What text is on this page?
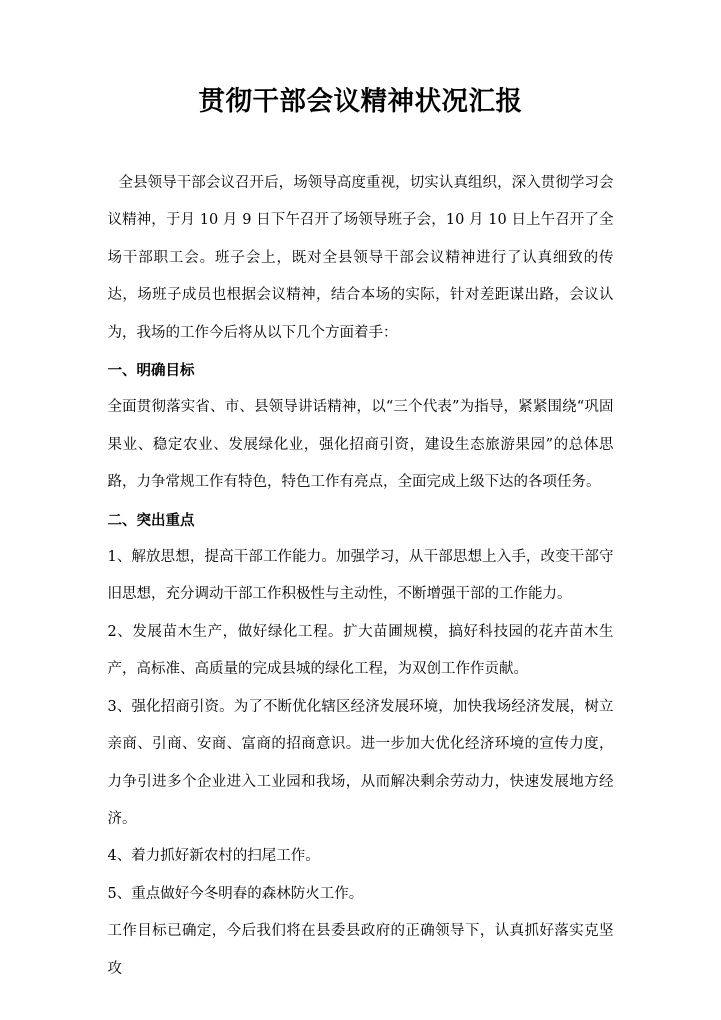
贯彻干部会议精神状况汇报

全县领导干部会议召开后，场领导高度重视，切实认真组织，深入贯彻学习会议精神，于月 10 月 9 日下午召开了场领导班子会，10 月 10 日上午召开了全场干部职工会。班子会上，既对全县领导干部会议精神进行了认真细致的传达，场班子成员也根据会议精神，结合本场的实际，针对差距谋出路，会议认为，我场的工作今后将从以下几个方面着手：

一、明确目标

全面贯彻落实省、市、县领导讲话精神，以“三个代表”为指导，紧紧围绕“巩固果业、稳定农业、发展绿化业，强化招商引资，建设生态旅游果园”的总体思路，力争常规工作有特色，特色工作有亮点，全面完成上级下达的各项任务。

二、突出重点

1、解放思想，提高干部工作能力。加强学习，从干部思想上入手，改变干部守旧思想，充分调动干部工作积极性与主动性，不断增强干部的工作能力。

2、发展苗木生产，做好绿化工程。扩大苗圃规模，搞好科技园的花卉苗木生产，高标准、高质量的完成县城的绿化工程，为双创工作作贡献。

3、强化招商引资。为了不断优化辖区经济发展环境，加快我场经济发展，树立亲商、引商、安商、富商的招商意识。进一步加大优化经济环境的宣传力度，力争引进多个企业进入工业园和我场，从而解决剩余劳动力，快速发展地方经济。

4、着力抓好新农村的扫尾工作。

5、重点做好今冬明春的森林防火工作。

工作目标已确定，今后我们将在县委县政府的正确领导下，认真抓好落实克坚攻
